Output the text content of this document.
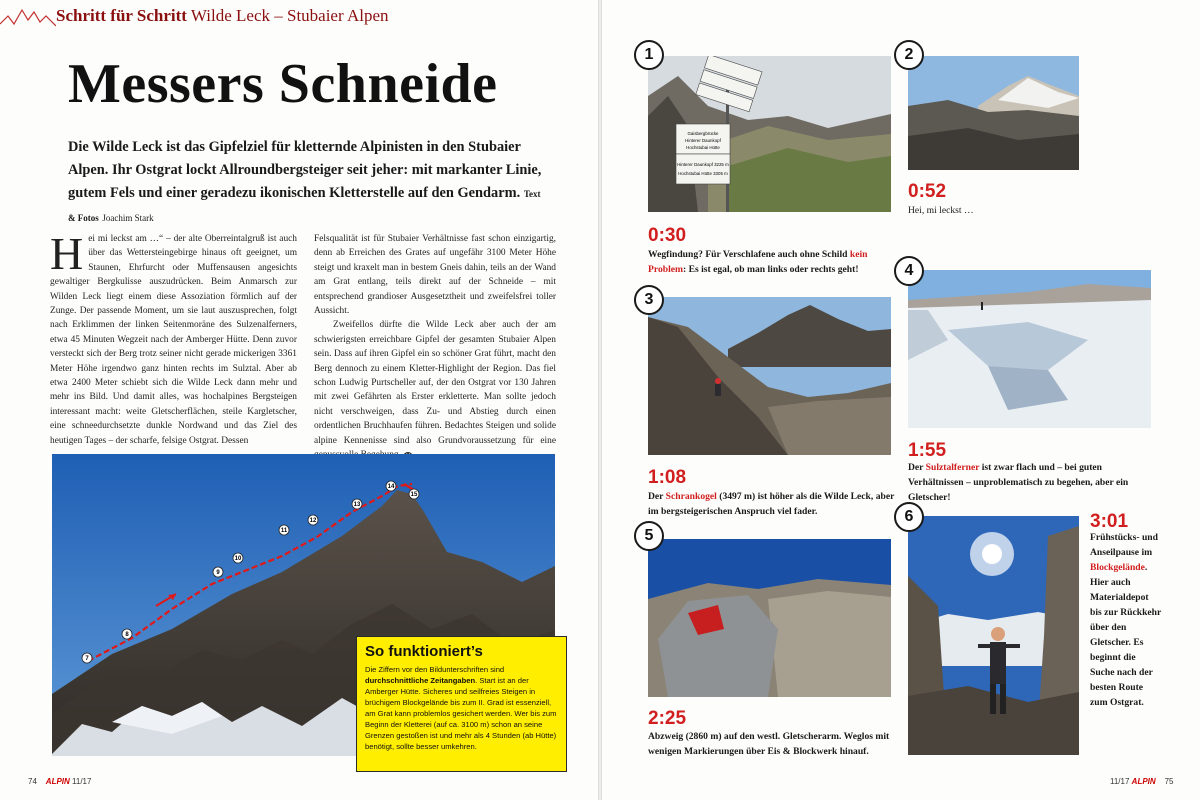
Schritt für Schritt Wilde Leck – Stubaier Alpen
Messers Schneide

Die Wilde Leck ist das Gipfelziel für kletternde Alpinisten in den Stubaier Alpen. Ihr Ostgrat lockt Allroundbergsteiger seit jeher: mit markanter Linie, gutem Fels und einer geradezu ikonischen Kletterstelle auf den Gendarm. Text & Fotos Joachim Stark

H ei mi leckst am …“ – der alte Oberreintalgruß ist auch über das Wettersteingebirge hinaus oft geeignet, um Staunen, Ehrfurcht oder Muffensausen angesichts gewaltiger Bergkulisse auszudrücken. Beim Anmarsch zur Wilden Leck liegt einem diese Assoziation förmlich auf der Zunge. Der passende Moment, um sie laut auszusprechen, folgt nach Erklimmen der linken Seitenmoräne des Sulzenalferners, etwa 45 Minuten Wegzeit nach der Amberger Hütte. Denn zuvor versteckt sich der Berg trotz seiner nicht gerade mickerigen 3361 Meter Höhe irgendwo ganz hinten rechts im Sulztal. Aber ab etwa 2400 Meter schiebt sich die Wilde Leck dann mehr und mehr ins Bild. Und damit alles, was hochalpines Bergsteigen interessant macht: weite Gletscherflächen, steile Kargletscher, eine schneedurchsetzte dunkle Nordwand und das Ziel des heutigen Tages – der scharfe, felsige Ostgrat. Dessen
Felsqualität ist für Stubaier Verhältnisse fast schon einzigartig, denn ab Erreichen des Grates auf ungefähr 3100 Meter Höhe steigt und kraxelt man in bestem Gneis dahin, teils an der Wand am Grat entlang, teils direkt auf der Schneide – mit entsprechend grandioser Ausgesetztheit und zweifelsfrei toller Aussicht.
Zweifellos dürfte die Wilde Leck aber auch der am schwierigsten erreichbare Gipfel der gesamten Stubaier Alpen sein. Dass auf ihren Gipfel ein so schöner Grat führt, macht den Berg dennoch zu einem Kletter-Highlight der Region. Das fiel schon Ludwig Purtscheller auf, der den Ostgrat vor 130 Jahren mit zwei Gefährten als Erster erkletterte. Man sollte jedoch nicht verschweigen, dass Zu- und Abstieg durch einen ordentlichen Bruchhaufen führen. Bedachtes Steigen und solide alpine Kennenisse sind also Grundvoraussetzung für eine
7
8
9
10
11
12
13
14
15
So funktioniert’s

Die Ziffern vor den Bildunterschriften sind durchschnittliche Zeitangaben. Start ist an der Amberger Hütte. Sicheres und seilfreies Steigen in brüchigem Blockgelände bis zum II. Grad ist essenziell, am Grat kann problemlos gesichert werden. Wer bis zum Beginn der Kletterei (auf ca. 3100 m) schon an seine Grenzen gestoßen ist und mehr als 4 Stunden (ab Hütte) benötigt, sollte besser umkehren.

74 ALPIN 11/17
1
Gaisbergbrücke
Hinterer Daunkopf
Hochstubai Hütte
Hinterer Daunkopf 3225 m
Hochstubai Hütte 3305 m
0:30

Wegfindung? Für Verschlafene auch ohne Schild kein Problem: Es ist egal, ob man links oder rechts geht!

2
0:52

Hei, mi leckst …

3
1:08

Der Schrankogel (3497 m) ist höher als die Wilde Leck, aber im bergsteigerischen Anspruch viel fader.

4
1:55

Der Sulztalferner ist zwar flach und – bei guten Verhältnissen – unproblematisch zu begehen, aber ein Gletscher!

5
2:25

Abzweig (2860 m) auf den westl. Gletscherarm. Weglos mit wenigen Markierungen über Eis & Blockwerk hinauf.

6	3:01

Frühstücks- und Anseilpause im Blockgelände. Hier auch Materialdepot bis zur Rückkehr über den Gletscher. Es beginnt die Suche nach der besten Route zum Ostgrat.

11/17 ALPIN 75
